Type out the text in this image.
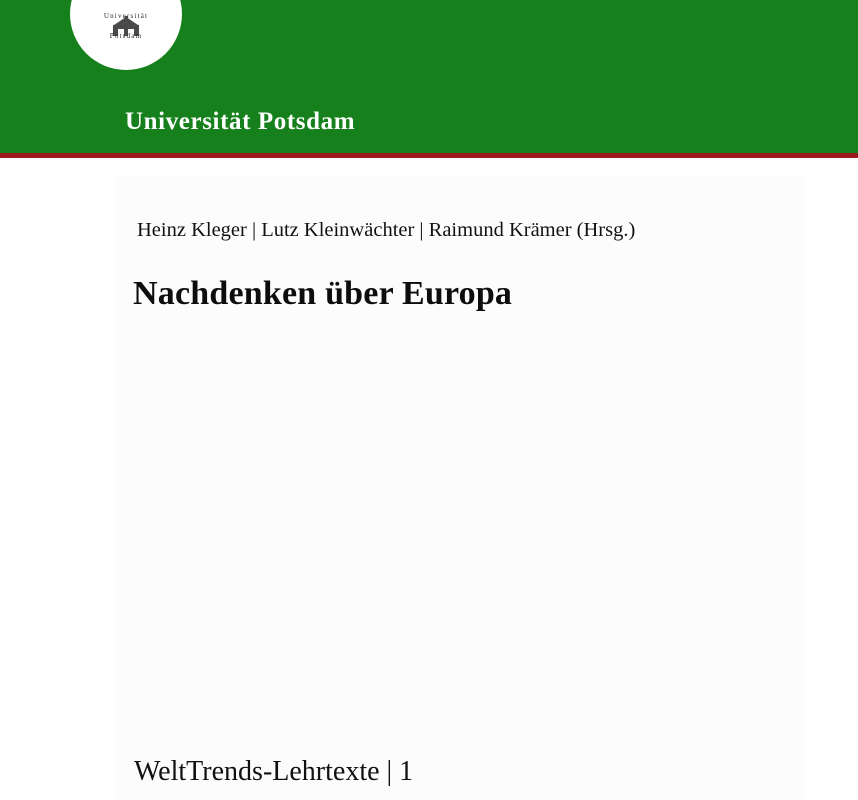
Universität
Potsdam
Universität Potsdam
Heinz Kleger | Lutz Kleinwächter | Raimund Krämer (Hrsg.)
Nachdenken über Europa
WeltTrends-Lehrtexte | 1
